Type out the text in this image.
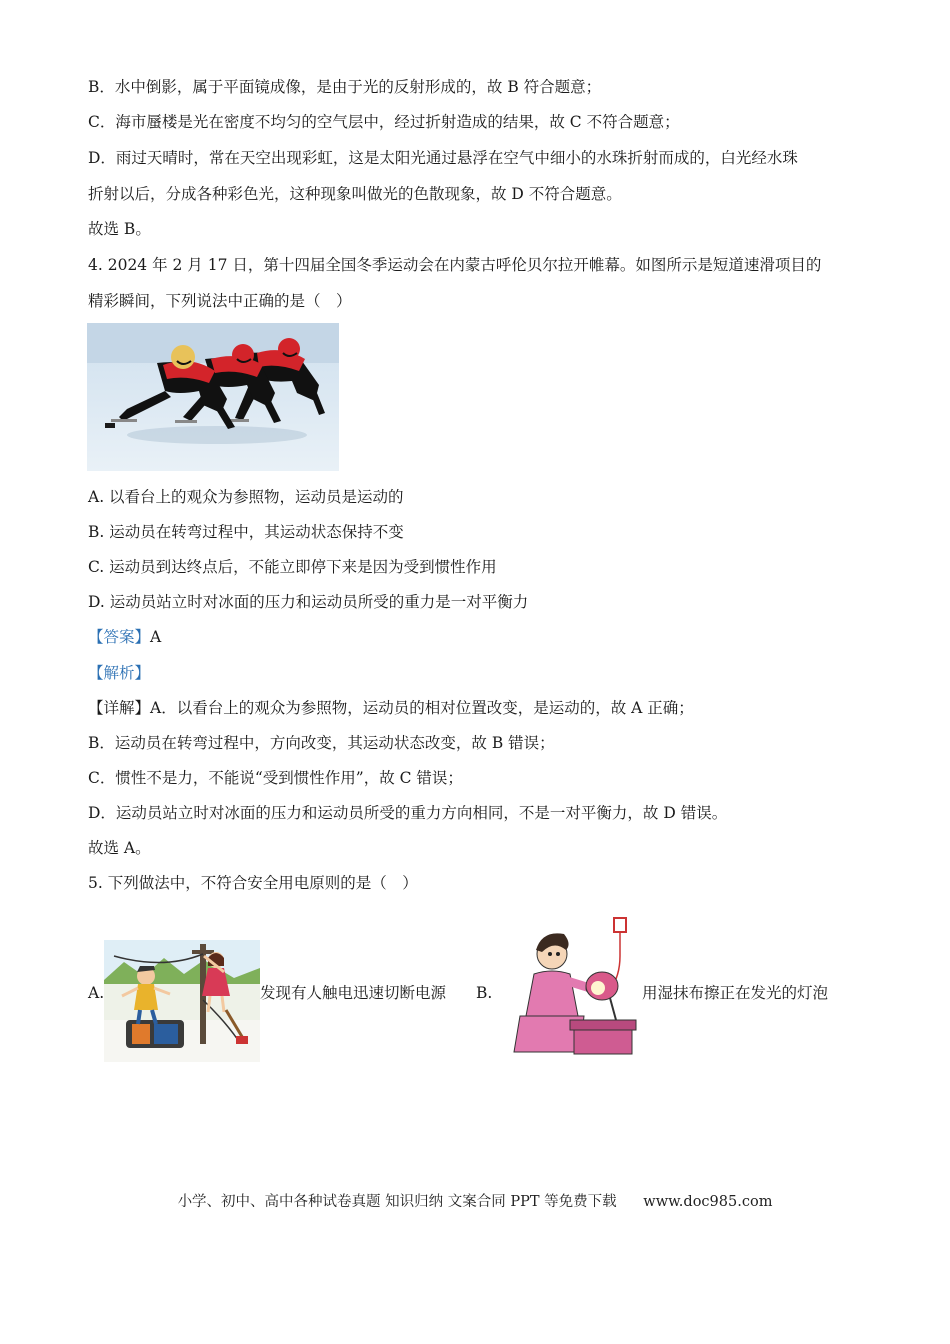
B．水中倒影，属于平面镜成像，是由于光的反射形成的，故 B 符合题意；
C．海市蜃楼是光在密度不均匀的空气层中，经过折射造成的结果，故 C 不符合题意；
D．雨过天晴时，常在天空出现彩虹，这是太阳光通过悬浮在空气中细小的水珠折射而成的，白光经水珠
折射以后，分成各种彩色光，这种现象叫做光的色散现象，故 D 不符合题意。
故选 B。
4. 2024 年 2 月 17 日，第十四届全国冬季运动会在内蒙古呼伦贝尔拉开帷幕。如图所示是短道速滑项目的
精彩瞬间，下列说法中正确的是（　）
A. 以看台上的观众为参照物，运动员是运动的
B. 运动员在转弯过程中，其运动状态保持不变
C. 运动员到达终点后，不能立即停下来是因为受到惯性作用
D. 运动员站立时对冰面的压力和运动员所受的重力是一对平衡力
【答案】A
【解析】
【详解】A．以看台上的观众为参照物，运动员的相对位置改变，是运动的，故 A 正确；
B．运动员在转弯过程中，方向改变，其运动状态改变，故 B 错误；
C．惯性不是力，不能说“受到惯性作用”，故 C 错误；
D．运动员站立时对冰面的压力和运动员所受的重力方向相同，不是一对平衡力，故 D 错误。
故选 A。
5. 下列做法中，不符合安全用电原则的是（　）
A.	发现有人触电迅速切断电源 B.	用湿抹布擦正在发光的灯泡
小学、初中、高中各种试卷真题 知识归纳 文案合同 PPT 等免费下载 www.doc985.com
